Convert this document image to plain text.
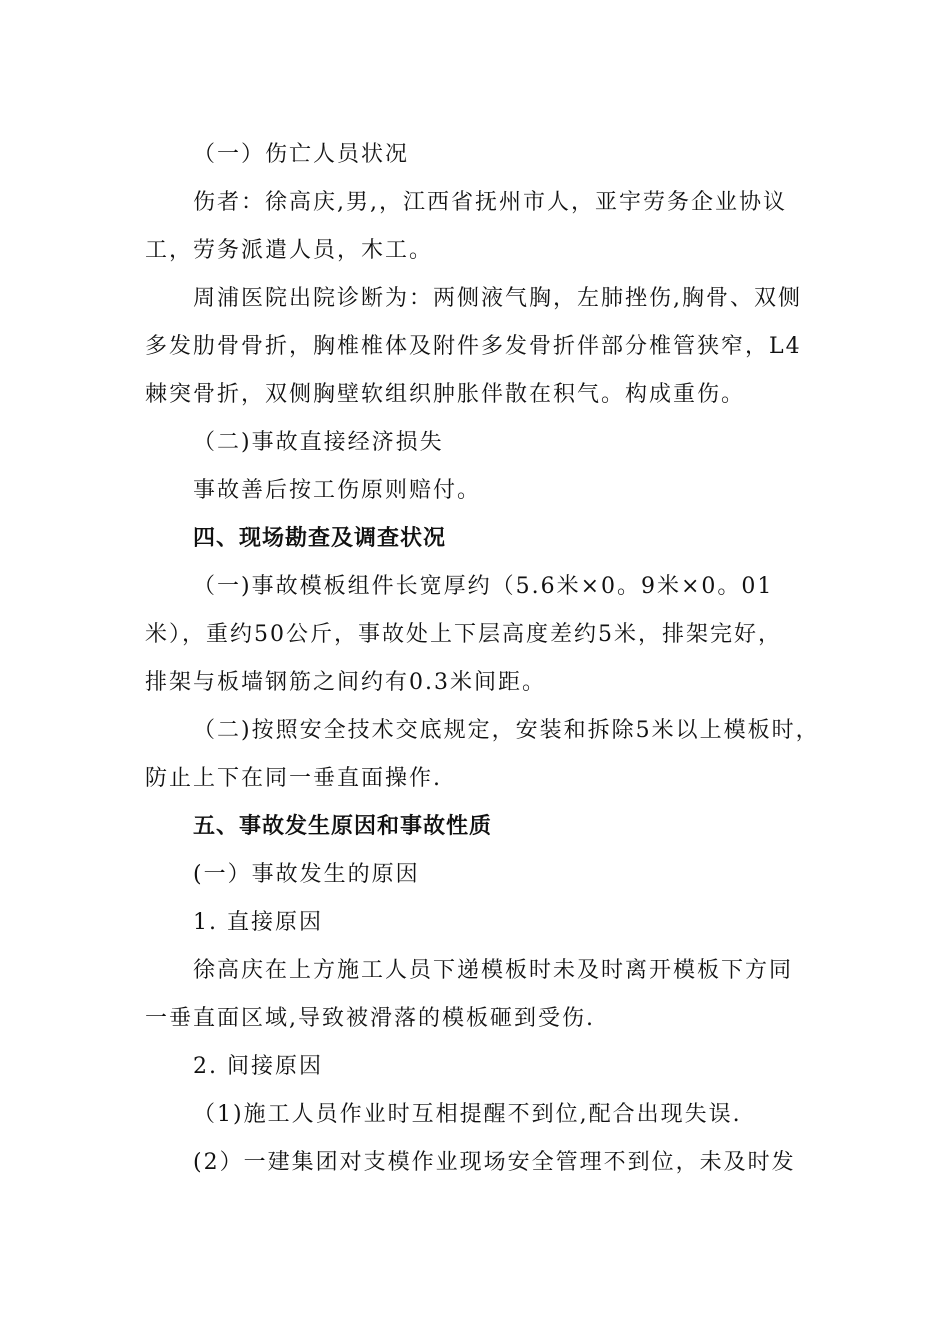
（一）伤亡人员状况
伤者：徐高庆,男,，江西省抚州市人，亚宇劳务企业协议
工，劳务派遣人员，木工。
周浦医院出院诊断为：两侧液气胸，左肺挫伤,胸骨、双侧
多发肋骨骨折，胸椎椎体及附件多发骨折伴部分椎管狭窄，L4
棘突骨折，双侧胸壁软组织肿胀伴散在积气。构成重伤。
（二)事故直接经济损失
事故善后按工伤原则赔付。
四、现场勘查及调查状况
（一)事故模板组件长宽厚约（5.6米×0。9米×0。01
米），重约50公斤，事故处上下层高度差约5米，排架完好，
排架与板墙钢筋之间约有0.3米间距。
（二)按照安全技术交底规定，安装和拆除5米以上模板时，
防止上下在同一垂直面操作.
五、事故发生原因和事故性质
(一）事故发生的原因
1. 直接原因
徐高庆在上方施工人员下递模板时未及时离开模板下方同
一垂直面区域,导致被滑落的模板砸到受伤.
2. 间接原因
（1)施工人员作业时互相提醒不到位,配合出现失误.
(2）一建集团对支模作业现场安全管理不到位，未及时发
